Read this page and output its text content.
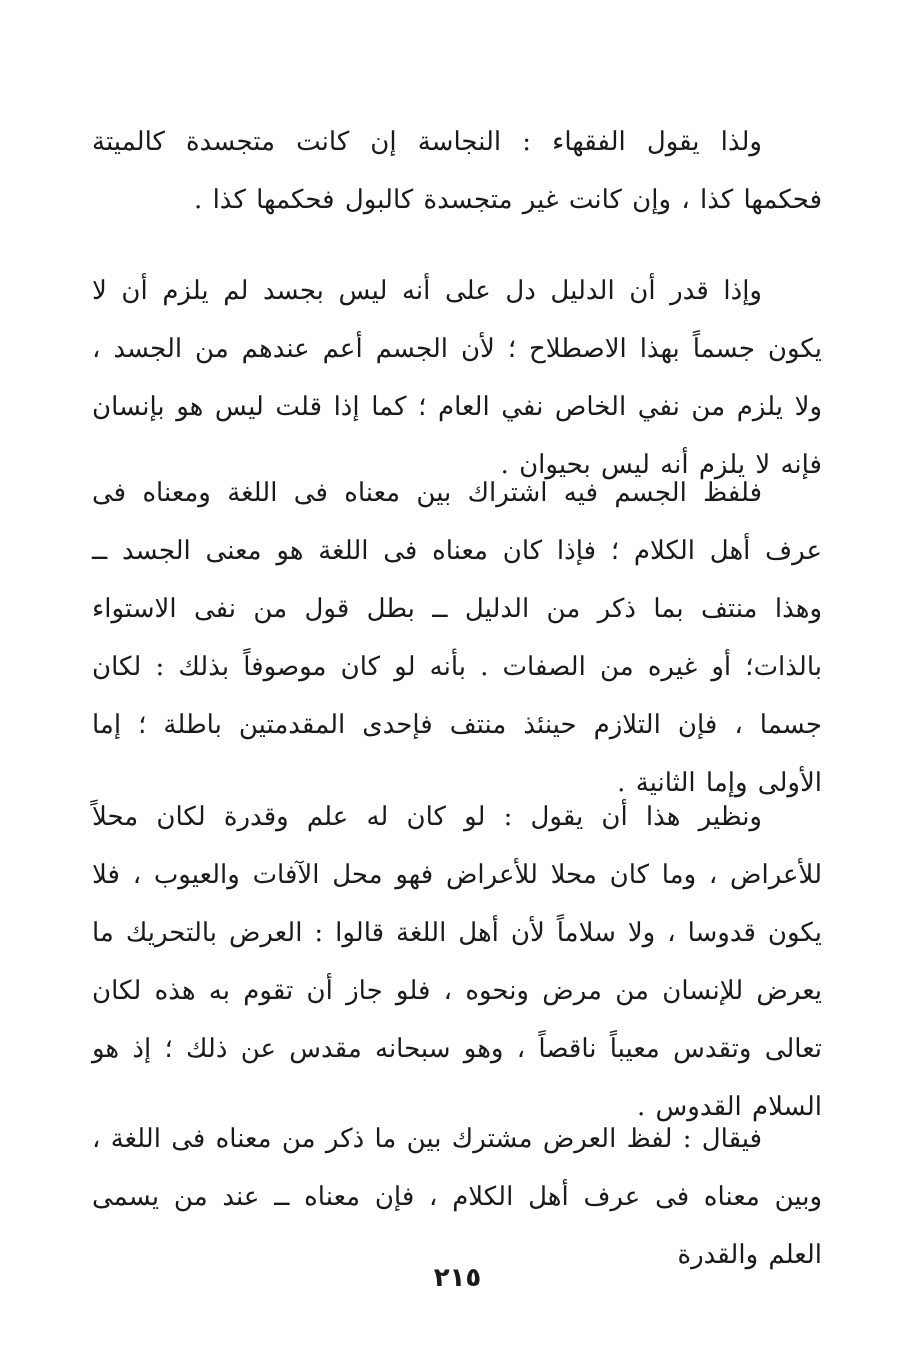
ولذا يقول الفقهاء : النجاسة إن كانت متجسدة كالميتة فحكمها كذا ، وإن كانت غير متجسدة كالبول فحكمها كذا .

وإذا قدر أن الدليل دل على أنه ليس بجسد لم يلزم أن لا يكون جسماً بهذا الاصطلاح ؛ لأن الجسم أعم عندهم من الجسد ، ولا يلزم من نفي الخاص نفي العام ؛ كما إذا قلت ليس هو بإنسان فإنه لا يلزم أنه ليس بحيوان .

فلفظ الجسم فيه اشتراك بين معناه فى اللغة ومعناه فى عرف أهل الكلام ؛ فإذا كان معناه فى اللغة هو معنى الجسد ــ وهذا منتف بما ذكر من الدليل ــ بطل قول من نفى الاستواء بالذات؛ أو غيره من الصفات . بأنه لو كان موصوفاً بذلك : لكان جسما ، فإن التلازم حينئذ منتف فإحدى المقدمتين باطلة ؛ إما الأولى وإما الثانية .

ونظير هذا أن يقول : لو كان له علم وقدرة لكان محلاً للأعراض ، وما كان محلا للأعراض فهو محل الآفات والعيوب ، فلا يكون قدوسا ، ولا سلاماً لأن أهل اللغة قالوا : العرض بالتحريك ما يعرض للإنسان من مرض ونحوه ، فلو جاز أن تقوم به هذه لكان تعالى وتقدس معيباً ناقصاً ، وهو سبحانه مقدس عن ذلك ؛ إذ هو السلام القدوس .

فيقال : لفظ العرض مشترك بين ما ذكر من معناه فى اللغة ، وبين معناه فى عرف أهل الكلام ، فإن معناه ــ عند من يسمى العلم والقدرة

٢١٥
